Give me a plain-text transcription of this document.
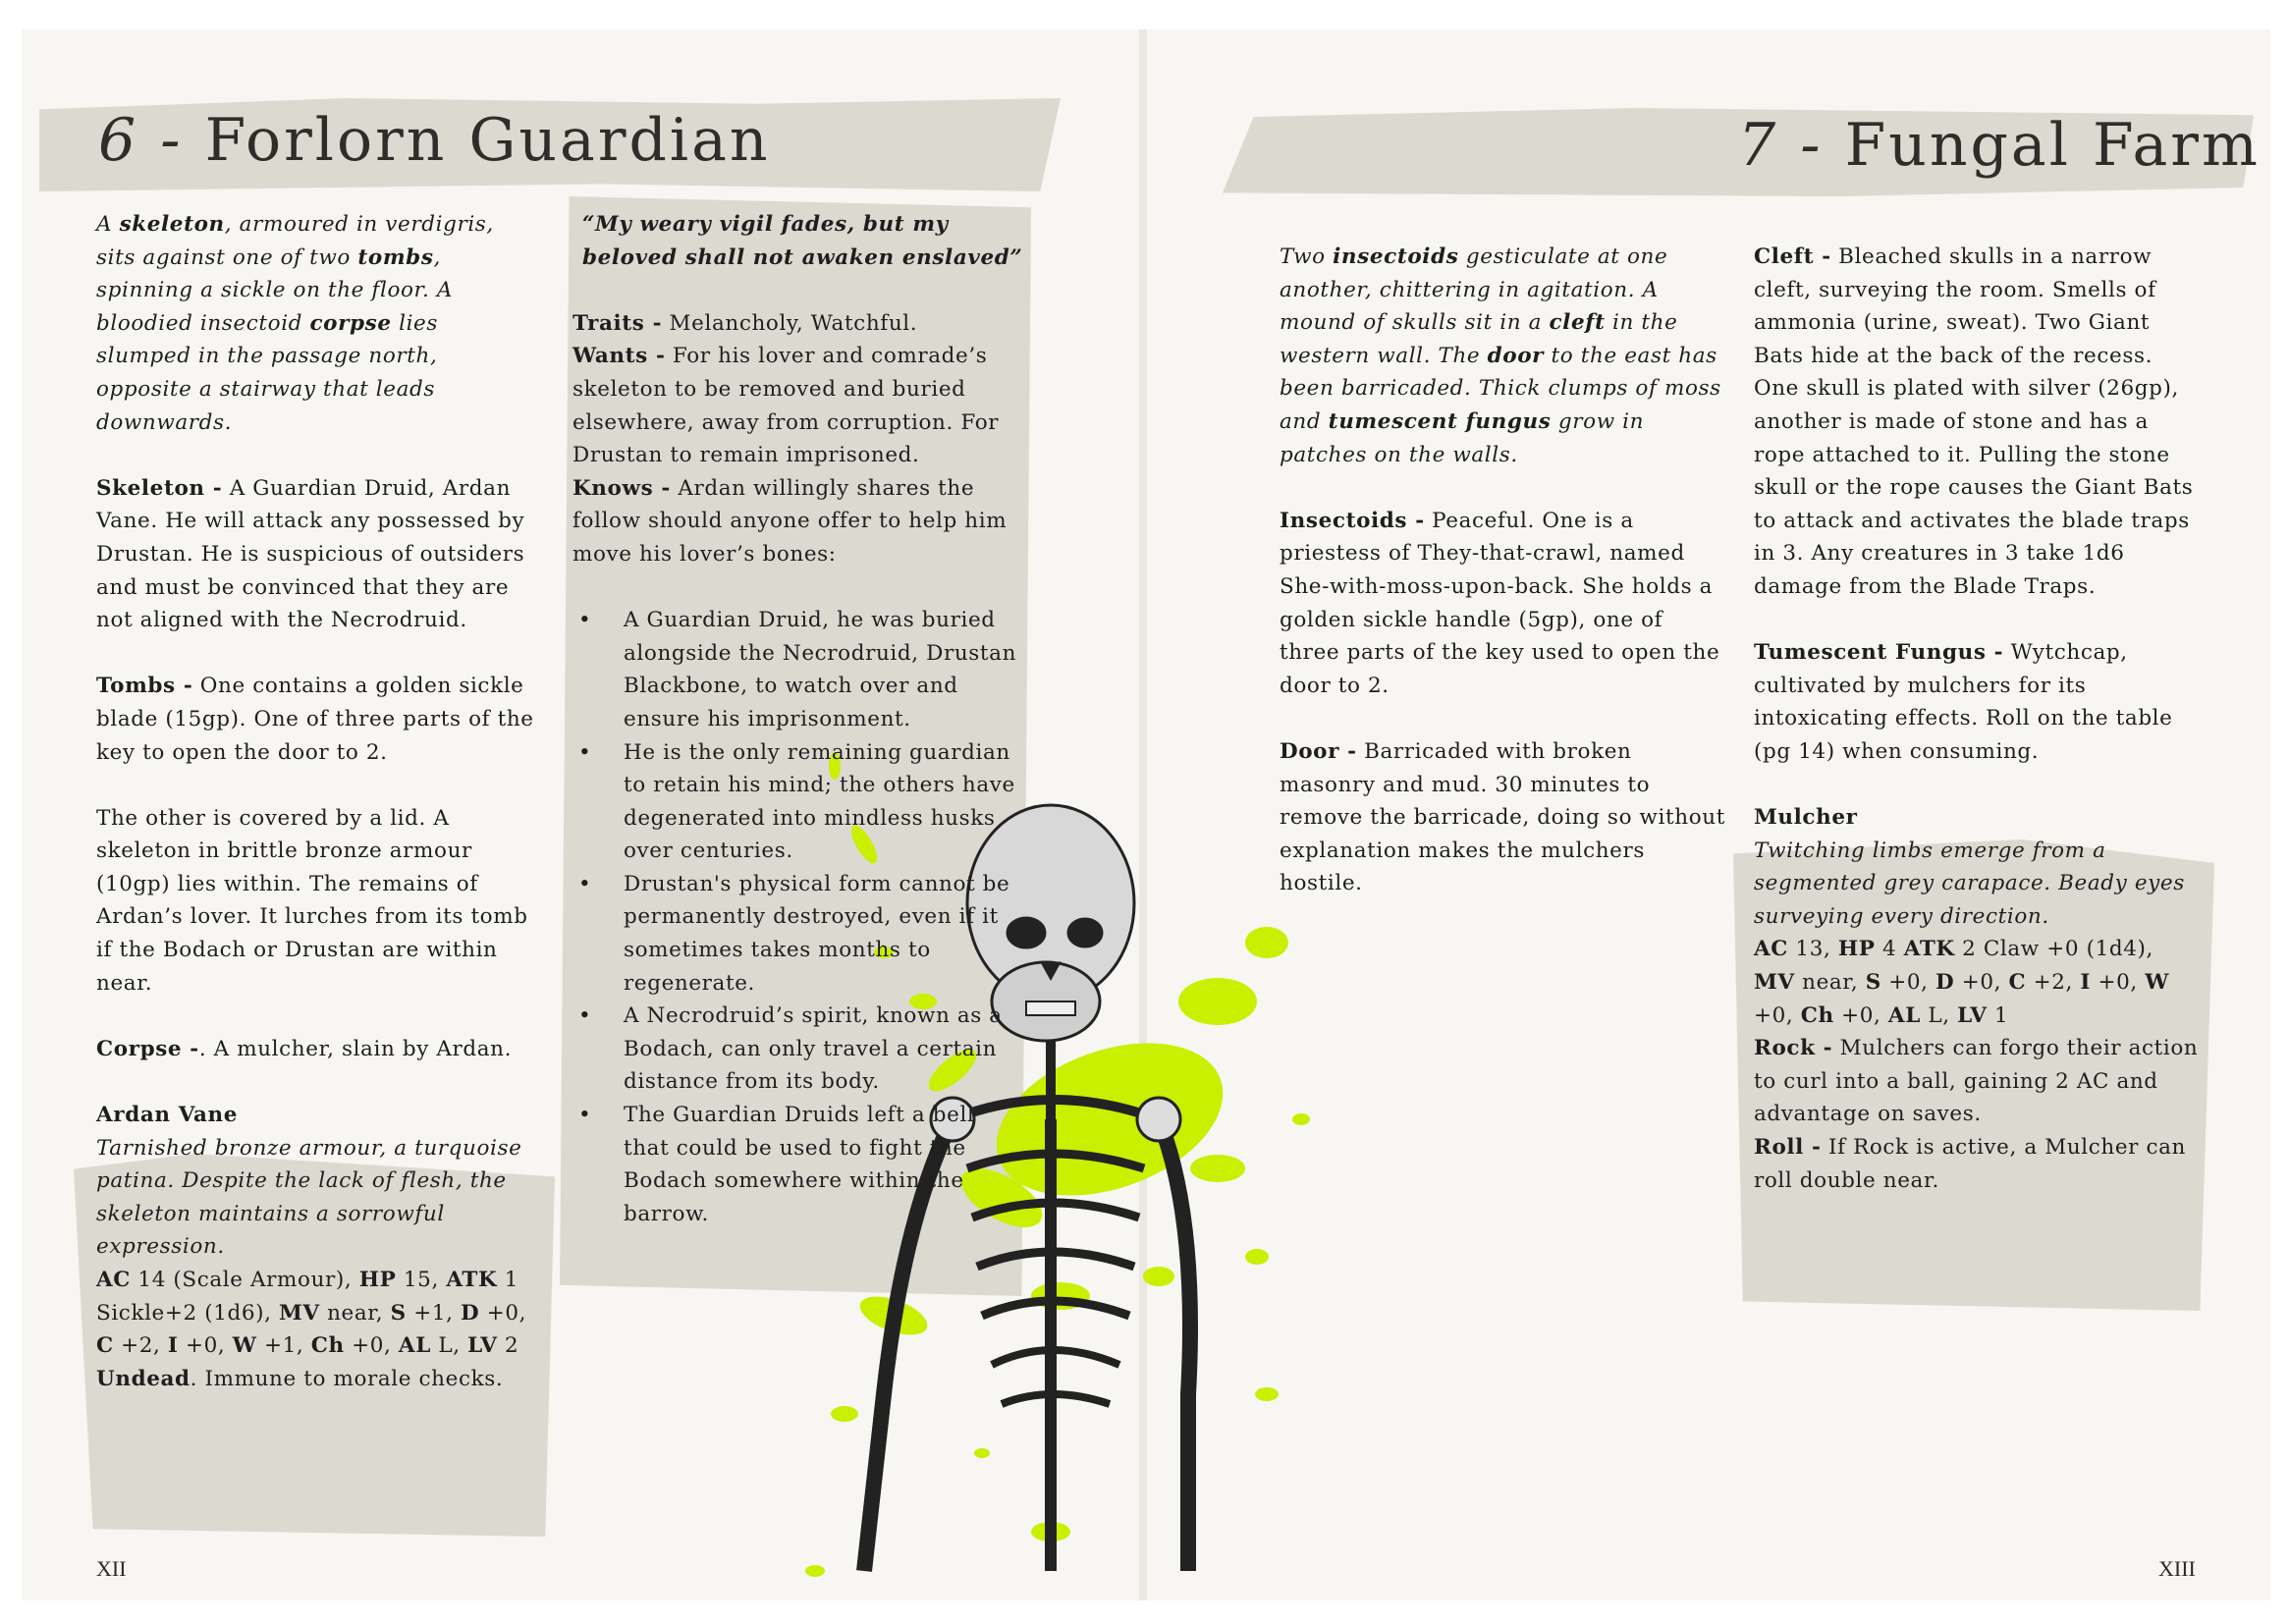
6 - Forlorn Guardian	7 - Fungal Farm

A skeleton, armoured in verdigris, sits against one of two tombs, spinning a sickle on the floor. A bloodied insectoid corpse lies slumped in the passage north, opposite a stairway that leads downwards.

Skeleton - A Guardian Druid, Ardan Vane. He will attack any possessed by Drustan. He is suspicious of outsiders and must be convinced that they are not aligned with the Necrodruid.

Tombs - One contains a golden sickle blade (15gp). One of three parts of the key to open the door to 2.

The other is covered by a lid. A skeleton in brittle bronze armour (10gp) lies within. The remains of Ardan’s lover. It lurches from its tomb if the Bodach or Drustan are within near.

Corpse -. A mulcher, slain by Ardan.

Ardan Vane

Tarnished bronze armour, a turquoise patina. Despite the lack of flesh, the skeleton maintains a sorrowful expression.

AC 14 (Scale Armour), HP 15, ATK 1 Sickle+2 (1d6), MV near, S +1, D +0, C +2, I +0, W +1, Ch +0, AL L, LV 2 Undead. Immune to morale checks.

“My weary vigil fades, but my beloved shall not awaken enslaved”

Traits - Melancholy, Watchful.

Wants - For his lover and comrade’s skeleton to be removed and buried elsewhere, away from corruption. For Drustan to remain imprisoned.

Knows - Ardan willingly shares the follow should anyone offer to help him move his lover’s bones:

• A Guardian Druid, he was buried alongside the Necrodruid, Drustan Blackbone, to watch over and ensure his imprisonment.
• He is the only remaining guardian to retain his mind; the others have degenerated into mindless husks over centuries.
• Drustan's physical form cannot be permanently destroyed, even if it sometimes takes months to regenerate.
• A Necrodruid’s spirit, known as a Bodach, can only travel a certain distance from its body.
• The Guardian Druids left a bell that could be used to fight the Bodach somewhere within the barrow.

Two insectoids gesticulate at one another, chittering in agitation. A mound of skulls sit in a cleft in the western wall. The door to the east has been barricaded. Thick clumps of moss and tumescent fungus grow in patches on the walls.

Insectoids - Peaceful. One is a priestess of They-that-crawl, named She-with-moss-upon-back. She holds a golden sickle handle (5gp), one of three parts of the key used to open the door to 2.

Door - Barricaded with broken masonry and mud. 30 minutes to remove the barricade, doing so without explanation makes the mulchers hostile.

Cleft - Bleached skulls in a narrow cleft, surveying the room. Smells of ammonia (urine, sweat). Two Giant Bats hide at the back of the recess. One skull is plated with silver (26gp), another is made of stone and has a rope attached to it. Pulling the stone skull or the rope causes the Giant Bats to attack and activates the blade traps in 3. Any creatures in 3 take 1d6 damage from the Blade Traps.

Tumescent Fungus - Wytchcap, cultivated by mulchers for its intoxicating effects. Roll on the table (pg 14) when consuming.

Mulcher

Twitching limbs emerge from a segmented grey carapace. Beady eyes surveying every direction.

AC 13, HP 4 ATK 2 Claw +0 (1d4), MV near, S +0, D +0, C +2, I +0, W +0, Ch +0, AL L, LV 1

Rock - Mulchers can forgo their action to curl into a ball, gaining 2 AC and advantage on saves.

Roll - If Rock is active, a Mulcher can roll double near.

XII	XIII
